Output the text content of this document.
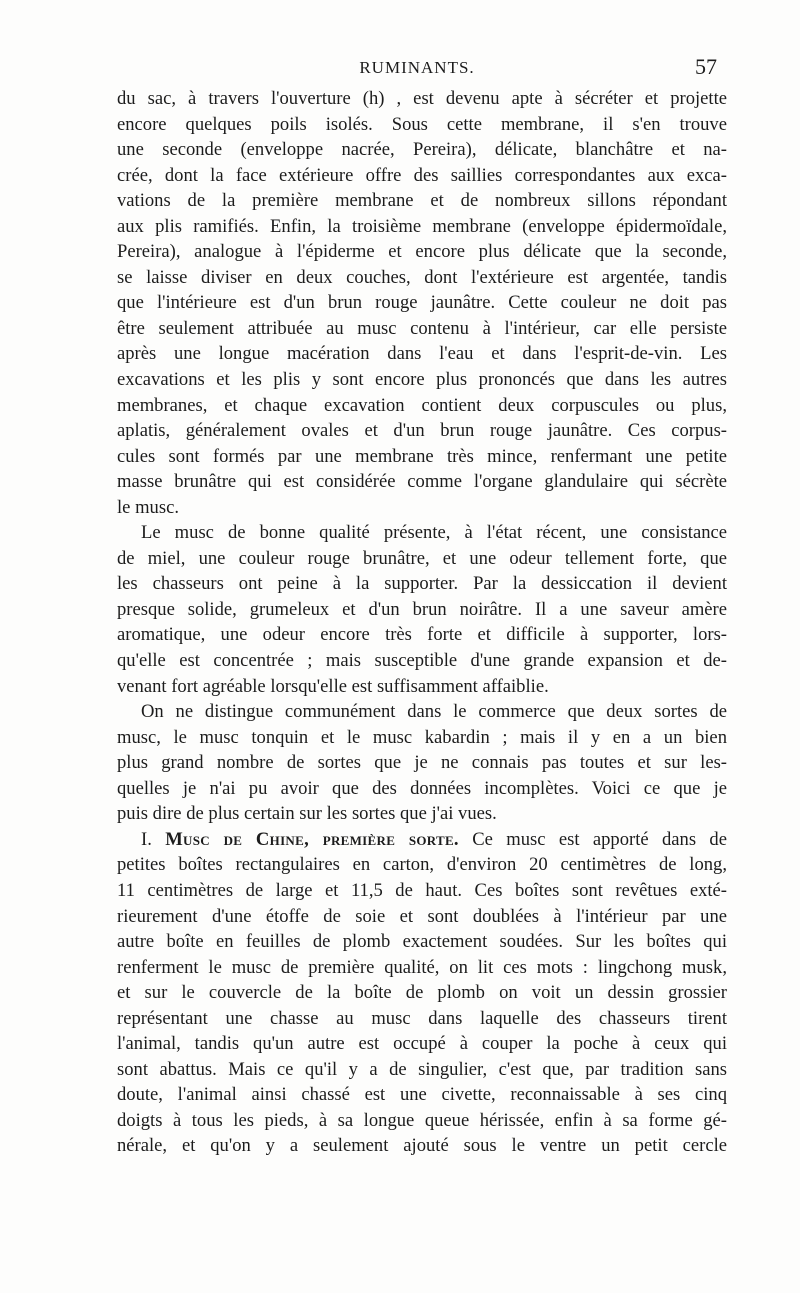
RUMINANTS.	57
du sac, à travers l'ouverture (h) , est devenu apte à sécréter et projette
encore quelques poils isolés. Sous cette membrane, il s'en trouve
une seconde (enveloppe nacrée, Pereira), délicate, blanchâtre et na-
crée, dont la face extérieure offre des saillies correspondantes aux exca-
vations de la première membrane et de nombreux sillons répondant
aux plis ramifiés. Enfin, la troisième membrane (enveloppe épidermoïdale,
Pereira), analogue à l'épiderme et encore plus délicate que la seconde,
se laisse diviser en deux couches, dont l'extérieure est argentée, tandis
que l'intérieure est d'un brun rouge jaunâtre. Cette couleur ne doit pas
être seulement attribuée au musc contenu à l'intérieur, car elle persiste
après une longue macération dans l'eau et dans l'esprit-de-vin. Les
excavations et les plis y sont encore plus prononcés que dans les autres
membranes, et chaque excavation contient deux corpuscules ou plus,
aplatis, généralement ovales et d'un brun rouge jaunâtre. Ces corpus-
cules sont formés par une membrane très mince, renfermant une petite
masse brunâtre qui est considérée comme l'organe glandulaire qui sécrète
le musc.
Le musc de bonne qualité présente, à l'état récent, une consistance
de miel, une couleur rouge brunâtre, et une odeur tellement forte, que
les chasseurs ont peine à la supporter. Par la dessiccation il devient
presque solide, grumeleux et d'un brun noirâtre. Il a une saveur amère
aromatique, une odeur encore très forte et difficile à supporter, lors-
qu'elle est concentrée ; mais susceptible d'une grande expansion et de-
venant fort agréable lorsqu'elle est suffisamment affaiblie.
On ne distingue communément dans le commerce que deux sortes de
musc, le musc tonquin et le musc kabardin ; mais il y en a un bien
plus grand nombre de sortes que je ne connais pas toutes et sur les-
quelles je n'ai pu avoir que des données incomplètes. Voici ce que je
puis dire de plus certain sur les sortes que j'ai vues.
I. Musc de Chine, première sorte. Ce musc est apporté dans de
petites boîtes rectangulaires en carton, d'environ 20 centimètres de long,
11 centimètres de large et 11,5 de haut. Ces boîtes sont revêtues exté-
rieurement d'une étoffe de soie et sont doublées à l'intérieur par une
autre boîte en feuilles de plomb exactement soudées. Sur les boîtes qui
renferment le musc de première qualité, on lit ces mots : lingchong musk,
et sur le couvercle de la boîte de plomb on voit un dessin grossier
représentant une chasse au musc dans laquelle des chasseurs tirent
l'animal, tandis qu'un autre est occupé à couper la poche à ceux qui
sont abattus. Mais ce qu'il y a de singulier, c'est que, par tradition sans
doute, l'animal ainsi chassé est une civette, reconnaissable à ses cinq
doigts à tous les pieds, à sa longue queue hérissée, enfin à sa forme gé-
nérale, et qu'on y a seulement ajouté sous le ventre un petit cercle
